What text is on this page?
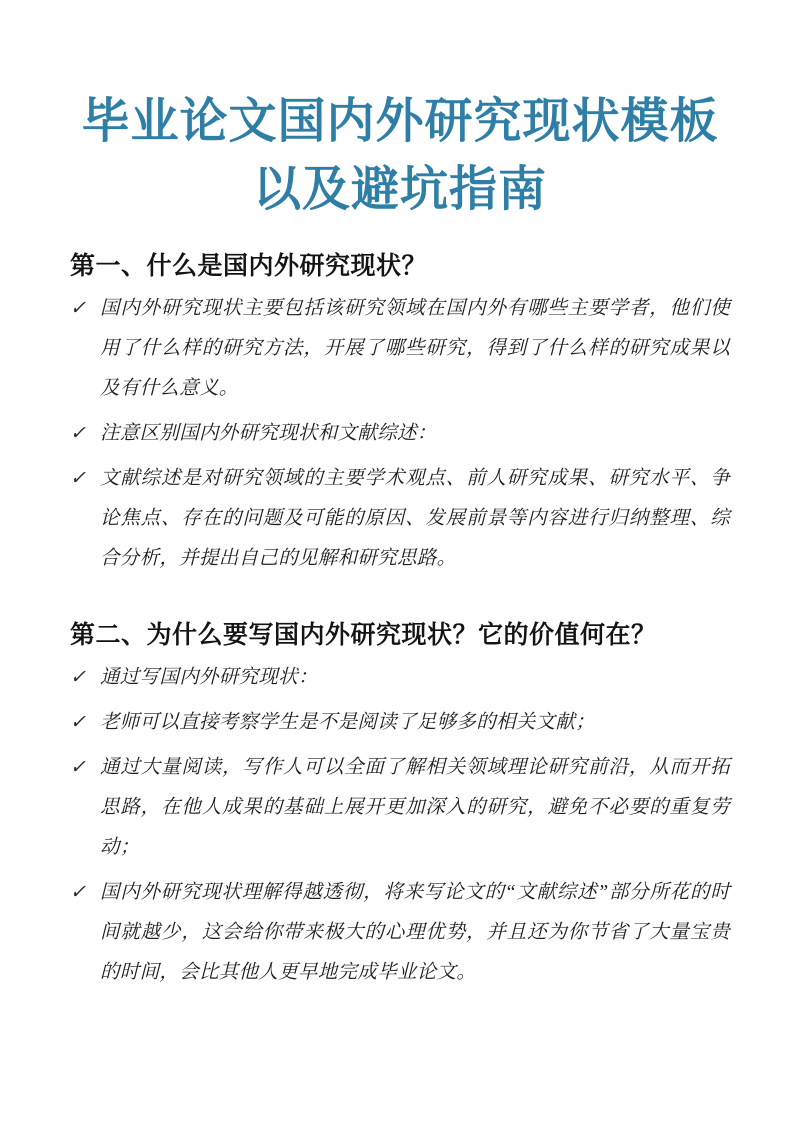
毕业论文国内外研究现状模板
以及避坑指南
第一、什么是国内外研究现状？
✓ 国内外研究现状主要包括该研究领域在国内外有哪些主要学者，他们使用了什么样的研究方法，开展了哪些研究，得到了什么样的研究成果以及有什么意义。

✓ 注意区别国内外研究现状和文献综述：

✓ 文献综述是对研究领域的主要学术观点、前人研究成果、研究水平、争论焦点、存在的问题及可能的原因、发展前景等内容进行归纳整理、综合分析，并提出自己的见解和研究思路。

第二、为什么要写国内外研究现状？它的价值何在？
✓ 通过写国内外研究现状：

✓ 老师可以直接考察学生是不是阅读了足够多的相关文献；

✓ 通过大量阅读，写作人可以全面了解相关领域理论研究前沿，从而开拓思路，在他人成果的基础上展开更加深入的研究，避免不必要的重复劳动；

✓ 国内外研究现状理解得越透彻，将来写论文的“文献综述”部分所花的时间就越少，这会给你带来极大的心理优势，并且还为你节省了大量宝贵的时间，会比其他人更早地完成毕业论文。
